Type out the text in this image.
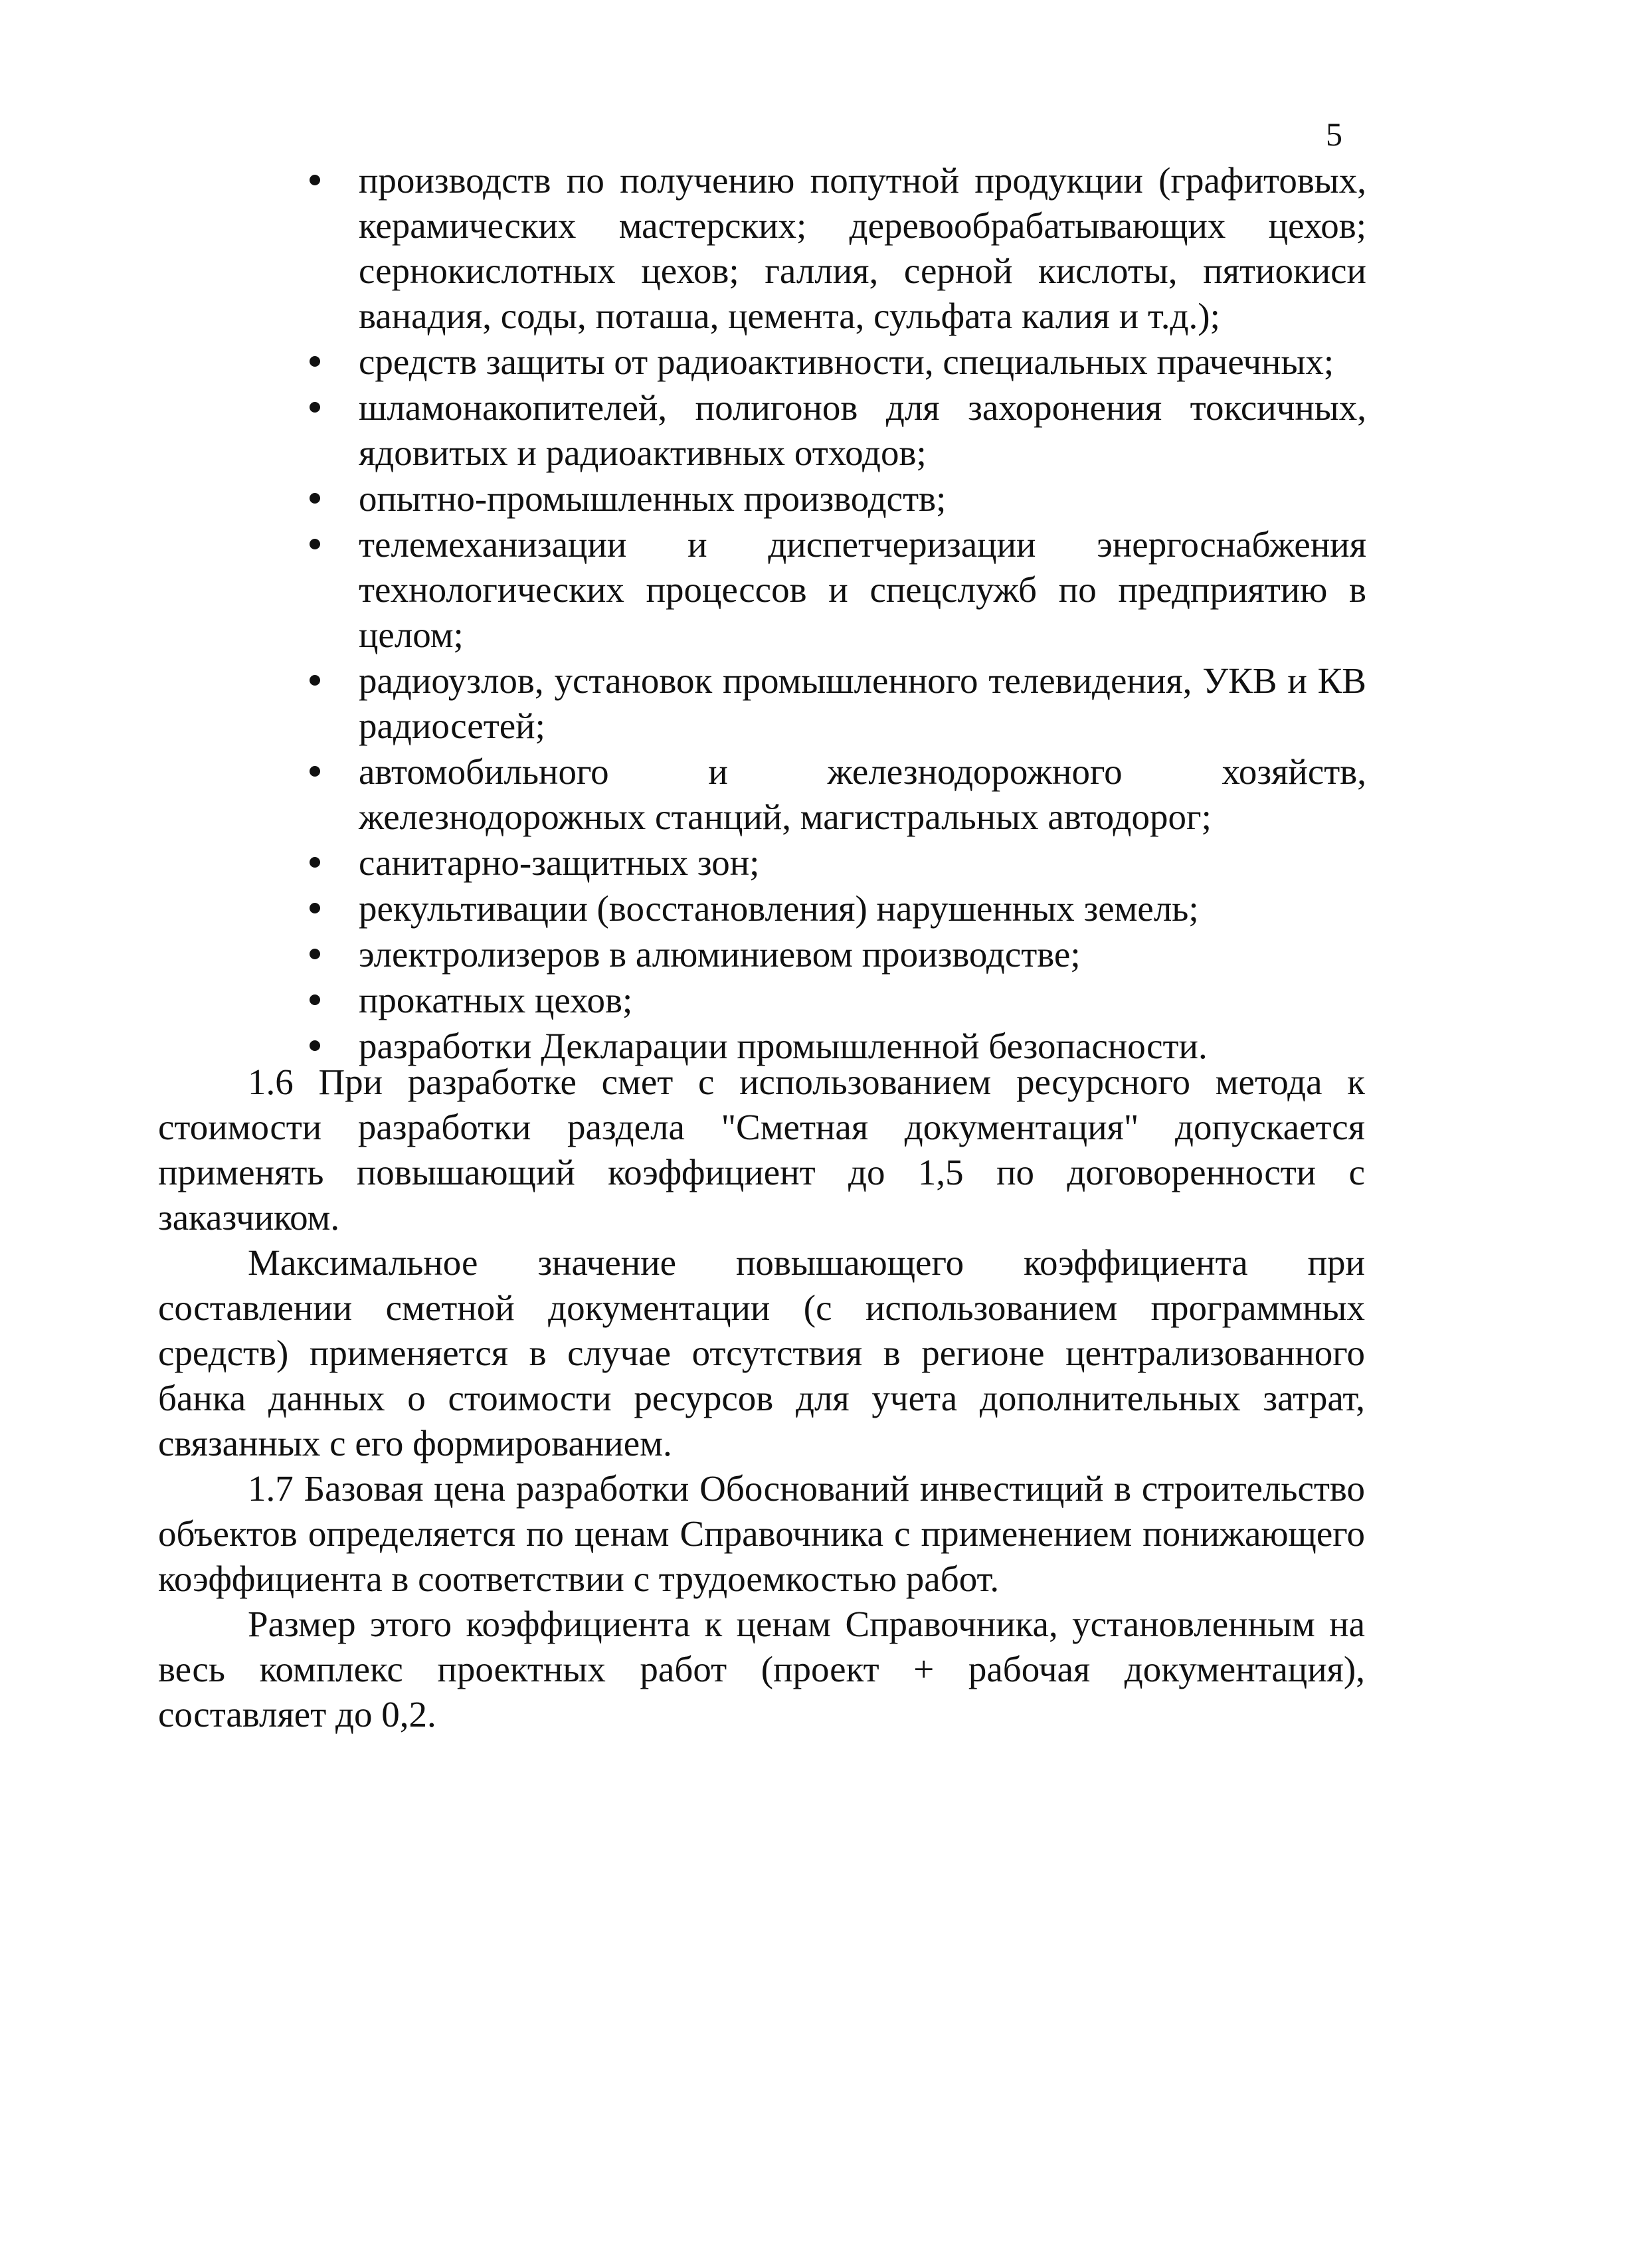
5
производств по получению попутной продукции (графитовых, керамических мастерских; деревообрабатывающих цехов; сернокислотных цехов; галлия, серной кислоты, пятиокиси ванадия, соды, поташа, цемента, сульфата калия и т.д.);
средств защиты от радиоактивности, специальных прачечных;
шламонакопителей, полигонов для захоронения токсичных, ядовитых и радиоактивных отходов;
опытно-промышленных производств;
телемеханизации и диспетчеризации энергоснабжения технологических процессов и спецслужб по предприятию в целом;
радиоузлов, установок промышленного телевидения, УКВ и КВ радиосетей;
автомобильного и железнодорожного хозяйств, железнодорожных станций, магистральных автодорог;
санитарно-защитных зон;
рекультивации (восстановления) нарушенных земель;
электролизеров в алюминиевом производстве;
прокатных цехов;
разработки Декларации промышленной безопасности.

1.6 При разработке смет с использованием ресурсного метода к стоимости разработки раздела "Сметная документация" допускается применять повышающий коэффициент до 1,5 по договоренности с заказчиком.

Максимальное значение повышающего коэффициента при составлении сметной документации (с использованием программных средств) применяется в случае отсутствия в регионе централизованного банка данных о стоимости ресурсов для учета дополнительных затрат, связанных с его формированием.

1.7 Базовая цена разработки Обоснований инвестиций в строительство объектов определяется по ценам Справочника с применением понижающего коэффициента в соответствии с трудоемкостью работ.

Размер этого коэффициента к ценам Справочника, установленным на весь комплекс проектных работ (проект + рабочая документация), составляет до 0,2.
